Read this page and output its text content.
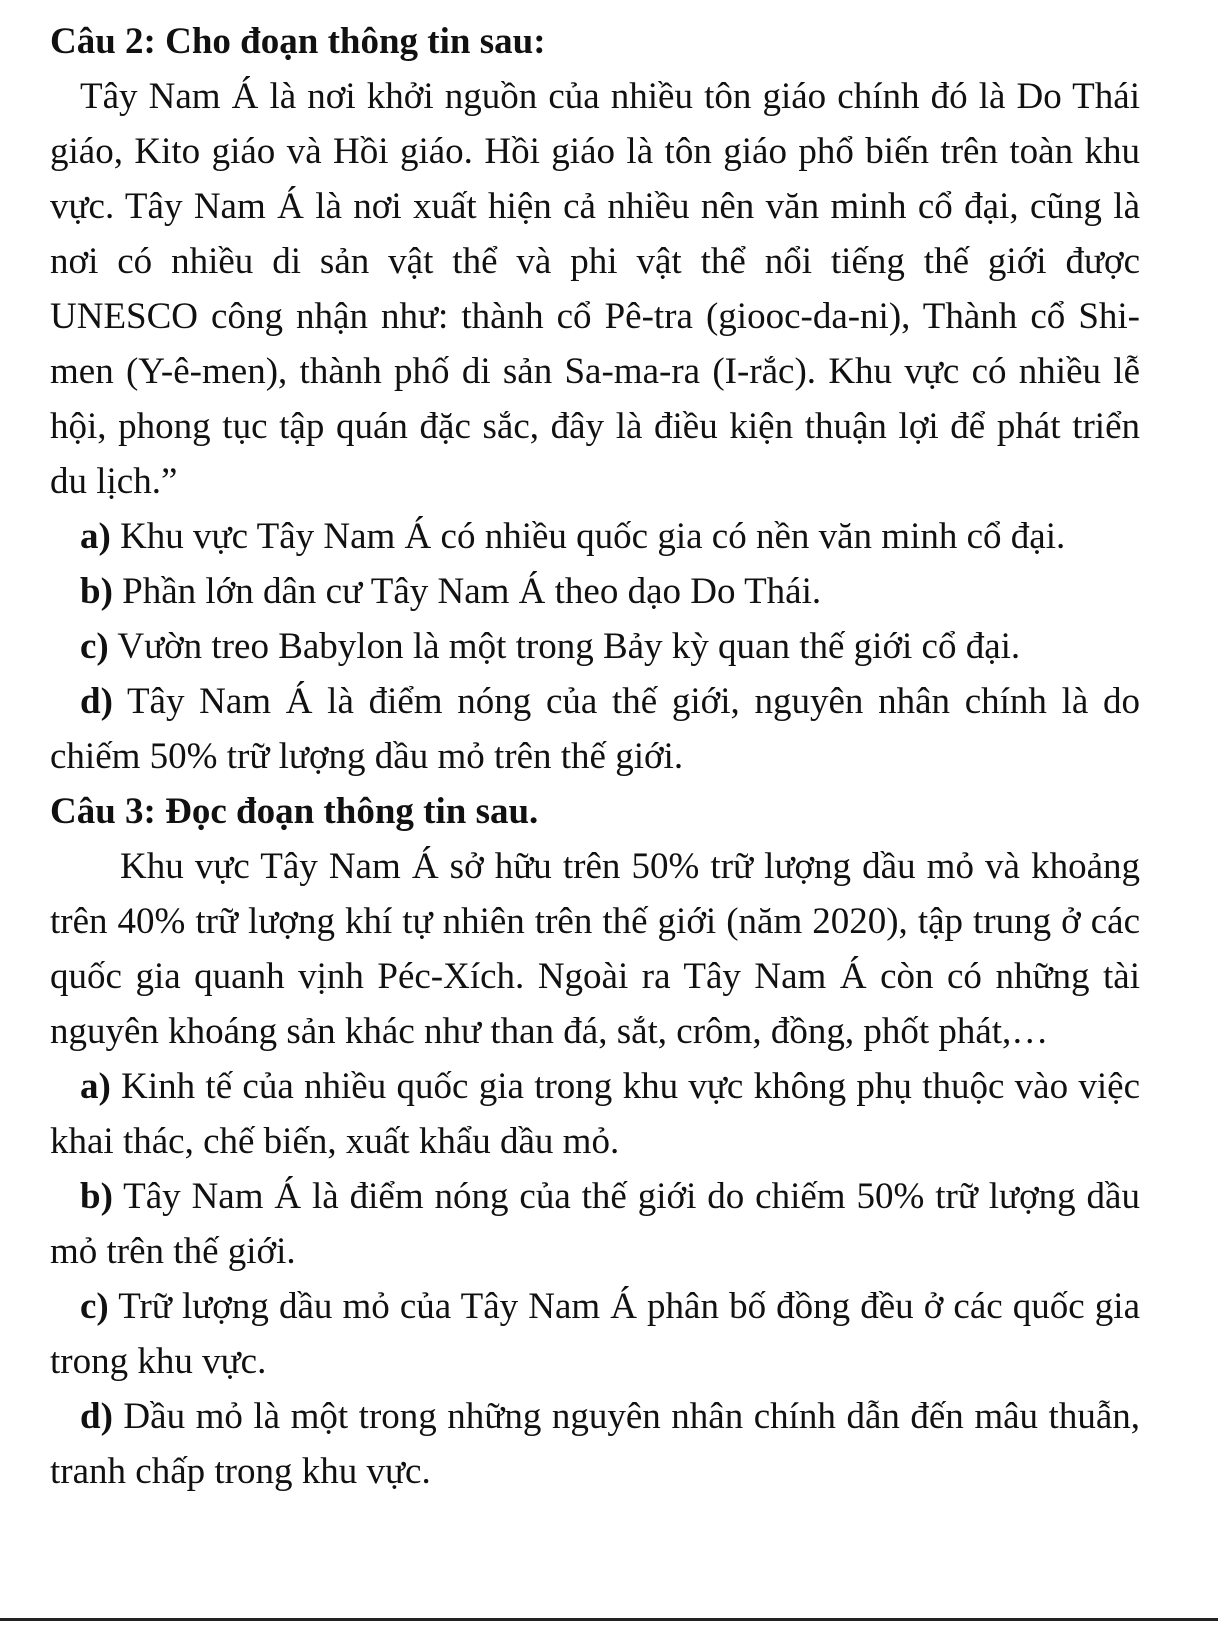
Câu 2: Cho đoạn thông tin sau:

Tây Nam Á là nơi khởi nguồn của nhiều tôn giáo chính đó là Do Thái giáo, Kito giáo và Hồi giáo. Hồi giáo là tôn giáo phổ biến trên toàn khu vực. Tây Nam Á là nơi xuất hiện cả nhiều nên văn minh cổ đại, cũng là nơi có nhiều di sản vật thể và phi vật thể nổi tiếng thế giới được UNESCO công nhận như: thành cổ Pê-tra (giooc-da-ni), Thành cổ Shi-men (Y-ê-men), thành phố di sản Sa-ma-ra (I-rắc). Khu vực có nhiều lễ hội, phong tục tập quán đặc sắc, đây là điều kiện thuận lợi để phát triển du lịch.”

a) Khu vực Tây Nam Á có nhiều quốc gia có nền văn minh cổ đại.

b) Phần lớn dân cư Tây Nam Á theo dạo Do Thái.

c) Vườn treo Babylon là một trong Bảy kỳ quan thế giới cổ đại.

d) Tây Nam Á là điểm nóng của thế giới, nguyên nhân chính là do chiếm 50% trữ lượng dầu mỏ trên thế giới.

Câu 3: Đọc đoạn thông tin sau.

Khu vực Tây Nam Á sở hữu trên 50% trữ lượng dầu mỏ và khoảng trên 40% trữ lượng khí tự nhiên trên thế giới (năm 2020), tập trung ở các quốc gia quanh vịnh Péc-Xích. Ngoài ra Tây Nam Á còn có những tài nguyên khoáng sản khác như than đá, sắt, crôm, đồng, phốt phát,…

a) Kinh tế của nhiều quốc gia trong khu vực không phụ thuộc vào việc khai thác, chế biến, xuất khẩu dầu mỏ.

b) Tây Nam Á là điểm nóng của thế giới do chiếm 50% trữ lượng dầu mỏ trên thế giới.

c) Trữ lượng dầu mỏ của Tây Nam Á phân bố đồng đều ở các quốc gia trong khu vực.

d) Dầu mỏ là một trong những nguyên nhân chính dẫn đến mâu thuẫn, tranh chấp trong khu vực.
